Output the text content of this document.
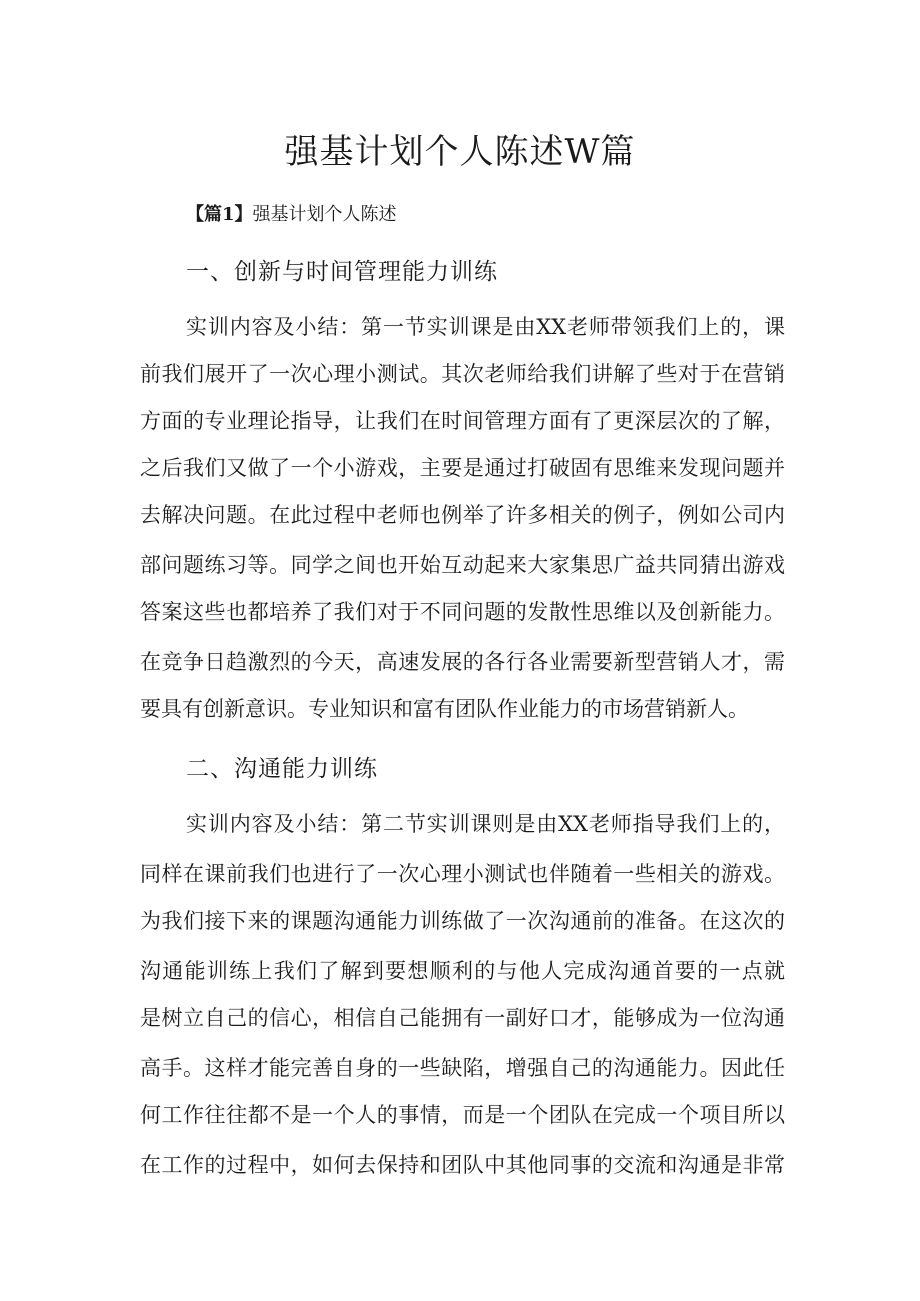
强基计划个人陈述W篇
【篇1】强基计划个人陈述
一、创新与时间管理能力训练
实训内容及小结：第一节实训课是由XX老师带领我们上的，课
前我们展开了一次心理小测试。其次老师给我们讲解了些对于在营销
方面的专业理论指导，让我们在时间管理方面有了更深层次的了解，
之后我们又做了一个小游戏，主要是通过打破固有思维来发现问题并
去解决问题。在此过程中老师也例举了许多相关的例子，例如公司内
部问题练习等。同学之间也开始互动起来大家集思广益共同猜出游戏
答案这些也都培养了我们对于不同问题的发散性思维以及创新能力。
在竞争日趋激烈的今天，高速发展的各行各业需要新型营销人才，需
要具有创新意识。专业知识和富有团队作业能力的市场营销新人。
二、沟通能力训练
实训内容及小结：第二节实训课则是由XX老师指导我们上的，
同样在课前我们也进行了一次心理小测试也伴随着一些相关的游戏。
为我们接下来的课题沟通能力训练做了一次沟通前的准备。在这次的
沟通能训练上我们了解到要想顺利的与他人完成沟通首要的一点就
是树立自己的信心，相信自己能拥有一副好口才，能够成为一位沟通
高手。这样才能完善自身的一些缺陷，增强自己的沟通能力。因此任
何工作往往都不是一个人的事情，而是一个团队在完成一个项目所以
在工作的过程中，如何去保持和团队中其他同事的交流和沟通是非常
